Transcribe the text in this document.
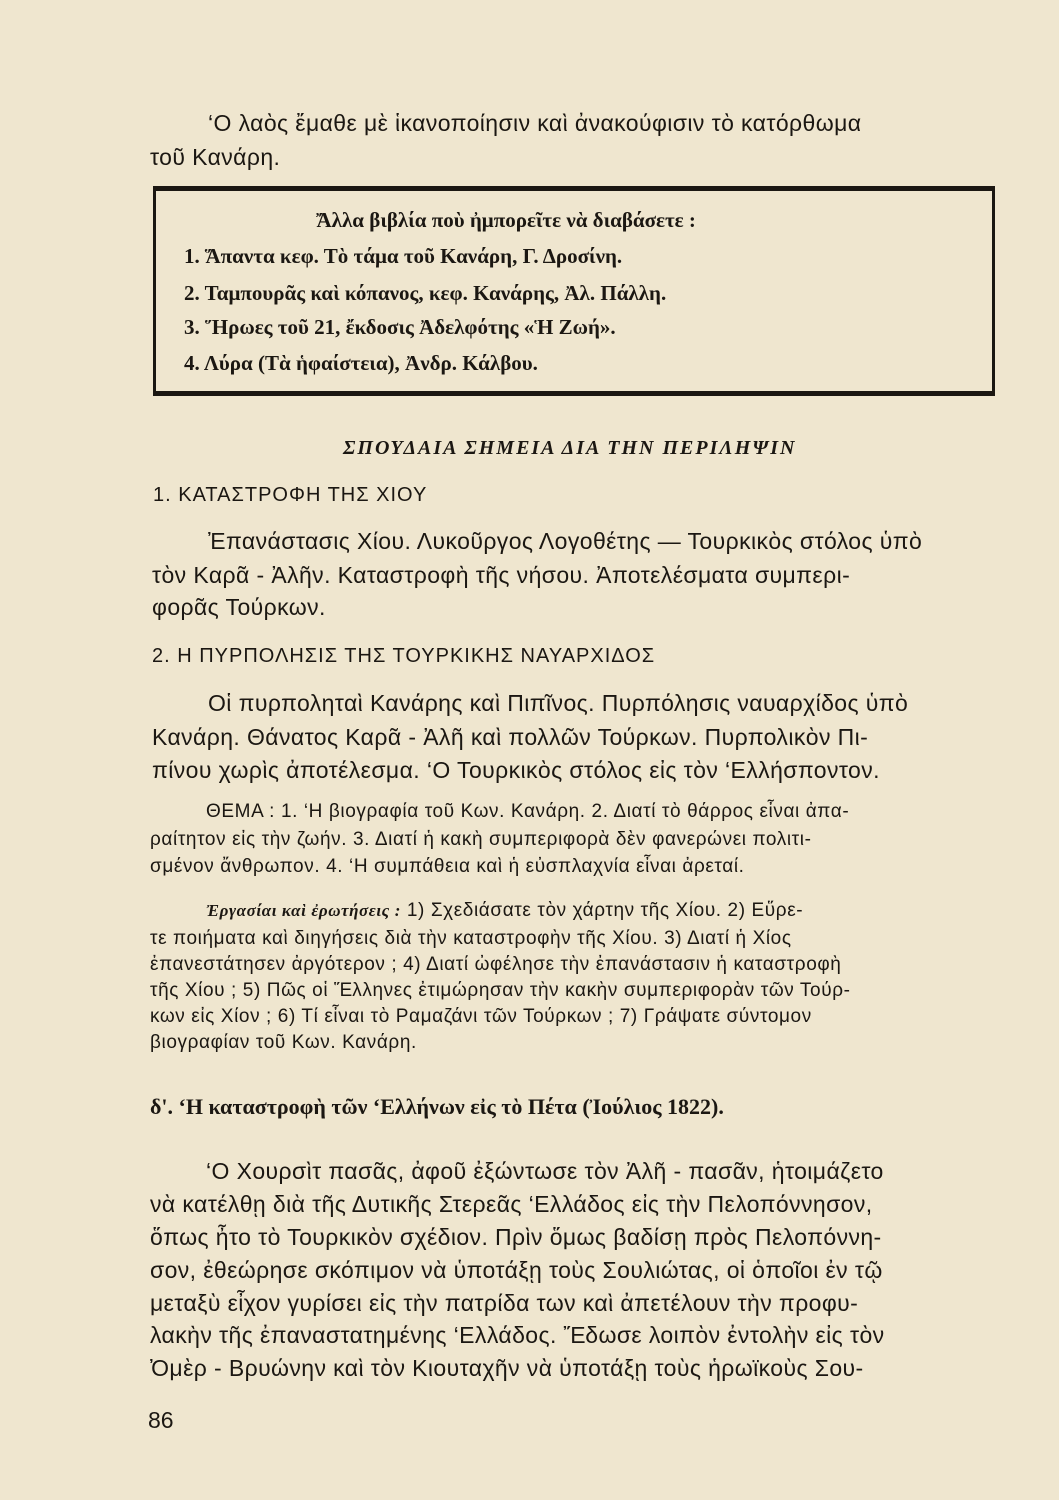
‘Ο λαὸς ἔμαθε μὲ ἱκανοποίησιν καὶ ἀνακούφισιν τὸ κατόρθωμα
τοῦ Κανάρη.
Ἄλλα βιβλία ποὺ ἠμπορεῖτε νὰ διαβάσετε :
1. Ἅπαντα κεφ. Τὸ τάμα τοῦ Κανάρη, Γ. Δροσίνη.
2. Ταμπουρᾶς καὶ κόπανος, κεφ. Κανάρης, Ἀλ. Πάλλη.
3. Ἥρωες τοῦ 21, ἔκδοσις Ἀδελφότης «Ἡ Ζωή».
4. Λύρα (Τὰ ἡφαίστεια), Ἀνδρ. Κάλβου.
ΣΠΟΥΔΑΙΑ ΣΗΜΕΙΑ ΔΙΑ ΤΗΝ ΠΕΡΙΛΗΨΙΝ
1. ΚΑΤΑΣΤΡΟΦΗ ΤΗΣ ΧΙΟΥ
Ἐπανάστασις Χίου. Λυκοῦργος Λογοθέτης — Τουρκικὸς στόλος ὑπὸ
τὸν Καρᾶ - Ἀλῆν. Καταστροφὴ τῆς νήσου. Ἀποτελέσματα συμπερι-
φορᾶς Τούρκων.
2. Η ΠΥΡΠΟΛΗΣΙΣ ΤΗΣ ΤΟΥΡΚΙΚΗΣ ΝΑΥΑΡΧΙΔΟΣ
Οἱ πυρποληταὶ Κανάρης καὶ Πιπῖνος. Πυρπόλησις ναυαρχίδος ὑπὸ
Κανάρη. Θάνατος Καρᾶ - Ἀλῆ καὶ πολλῶν Τούρκων. Πυρπολικὸν Πι-
πίνου χωρὶς ἀποτέλεσμα. ‘Ο Τουρκικὸς στόλος εἰς τὸν ‘Ελλήσποντον.
ΘΕΜΑ : 1. ‘Η βιογραφία τοῦ Κων. Κανάρη. 2. Διατί τὸ θάρρος εἶναι ἀπα-
ραίτητον εἰς τὴν ζωήν. 3. Διατί ἡ κακὴ συμπεριφορὰ δὲν φανερώνει πολιτι-
σμένον ἄνθρωπον. 4. ‘Η συμπάθεια καὶ ἡ εὐσπλαχνία εἶναι ἀρεταί.
Ἐργασίαι καὶ ἐρωτήσεις : 1) Σχεδιάσατε τὸν χάρτην τῆς Χίου. 2) Εὕρε-
τε ποιήματα καὶ διηγήσεις διὰ τὴν καταστροφὴν τῆς Χίου. 3) Διατί ἡ Χίος
ἐπανεστάτησεν ἀργότερον ; 4) Διατί ὠφέλησε τὴν ἐπανάστασιν ἡ καταστροφὴ
τῆς Χίου ; 5) Πῶς οἱ Ἕλληνες ἐτιμώρησαν τὴν κακὴν συμπεριφορὰν τῶν Τούρ-
κων εἰς Χίον ; 6) Τί εἶναι τὸ Ραμαζάνι τῶν Τούρκων ; 7) Γράψατε σύντομον
βιογραφίαν τοῦ Κων. Κανάρη.
δ'. ‘Η καταστροφὴ τῶν ‘Ελλήνων εἰς τὸ Πέτα (Ἰούλιος 1822).
‘Ο Χουρσὶτ πασᾶς, ἀφοῦ ἐξώντωσε τὸν Ἀλῆ - πασᾶν, ἡτοιμάζετο
νὰ κατέλθῃ διὰ τῆς Δυτικῆς Στερεᾶς ‘Ελλάδος εἰς τὴν Πελοπόννησον,
ὅπως ἦτο τὸ Τουρκικὸν σχέδιον. Πρὶν ὅμως βαδίσῃ πρὸς Πελοπόννη-
σον, ἐθεώρησε σκόπιμον νὰ ὑποτάξῃ τοὺς Σουλιώτας, οἱ ὁποῖοι ἐν τῷ
μεταξὺ εἶχον γυρίσει εἰς τὴν πατρίδα των καὶ ἀπετέλουν τὴν προφυ-
λακὴν τῆς ἐπαναστατημένης ‘Ελλάδος. Ἔδωσε λοιπὸν ἐντολὴν εἰς τὸν
Ὀμὲρ - Βρυώνην καὶ τὸν Κιουταχῆν νὰ ὑποτάξῃ τοὺς ἡρωϊκοὺς Σου-
86
